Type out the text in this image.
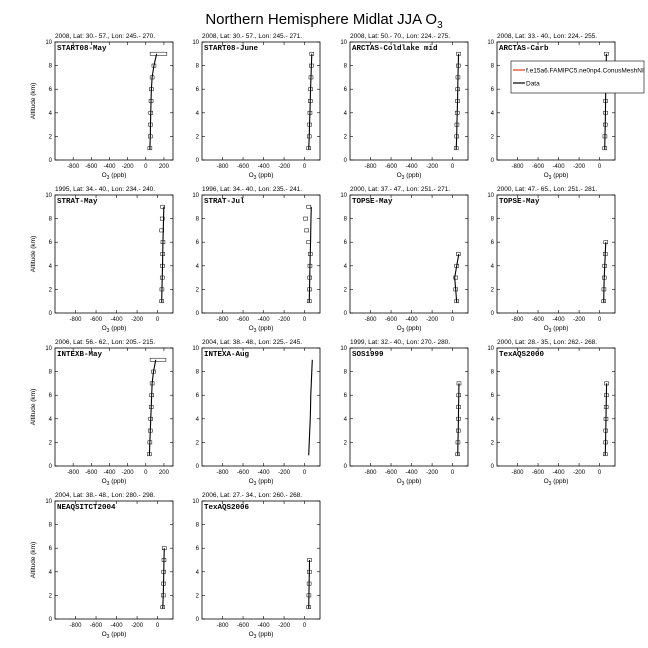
Northern Hemisphere Midlat JJA $O_3$
2008, Lat: 30.- 57., Lon: 245.- 270.
START08-May
0
2
4
6
8
10
-800 -600 -400 -200 0 200
Altitude (km)
$O_3$ (ppb)
2008, Lat: 30.- 57., Lon: 245.- 271.
START08-June
0
2
4
6
8
10
-800 -600 -400 -200 0
$O_3$ (ppb)
2008, Lat: 50.- 70., Lon: 224.- 275.
ARCTAS-Coldlake mid
0
2
4
6
8
10
-800 -600 -400 -200 0
$O_3$ (ppb)
2008, Lat: 33.- 40., Lon: 224.- 255.
ARCTAS-Carb
0
2
4
6
8
10
-800 -600 -400 -200 0
$O_3$ (ppb)
1995, Lat: 34.- 40., Lon: 234.- 240.
STRAT-May
0
2
4
6
8
10
-800 -600 -400 -200 0
Altitude (km)
$O_3$ (ppb)
1996, Lat: 34.- 40., Lon: 235.- 241.
STRAT-Jul
0
2
4
6
8
10
-800 -600 -400 -200 0
$O_3$ (ppb)
2000, Lat: 37.- 47., Lon: 251.- 271.
TOPSE-May
0
2
4
6
8
10
-800 -600 -400 -200 0
$O_3$ (ppb)
2000, Lat: 47.- 65., Lon: 251.- 281.
TOPSE-May
0
2
4
6
8
10
-800 -600 -400 -200 0
$O_3$ (ppb)
2006, Lat: 56.- 62., Lon: 205.- 215.
INTEXB-May
0
2
4
6
8
10
-800 -600 -400 -200 0 200
Altitude (km)
$O_3$ (ppb)
2004, Lat: 38.- 48., Lon: 225.- 245.
INTEXA-Aug
0
2
4
6
8
10
-800 -600 -400 -200 0
$O_3$ (ppb)
1999, Lat: 32.- 40., Lon: 270.- 280.
SOS1999
0
2
4
6
8
10
-800 -600 -400 -200 0
$O_3$ (ppb)
2000, Lat: 28.- 35., Lon: 262.- 268.
TexAQS2000
0
2
4
6
8
10
-800 -600 -400 -200 0
$O_3$ (ppb)
2004, Lat: 38.- 48., Lon: 280.- 298.
NEAQSITCT2004
0
2
4
6
8
10
-800 -600 -400 -200 0
Altitude (km)
$O_3$ (ppb)
2006, Lat: 27.- 34., Lon: 260.- 268.
TexAQS2006
0
2
4
6
8
10
-800 -600 -400 -200 0
$O_3$ (ppb)
f.e15a6.FAMIPC5.ne0np4.ConusMeshNI
Data
